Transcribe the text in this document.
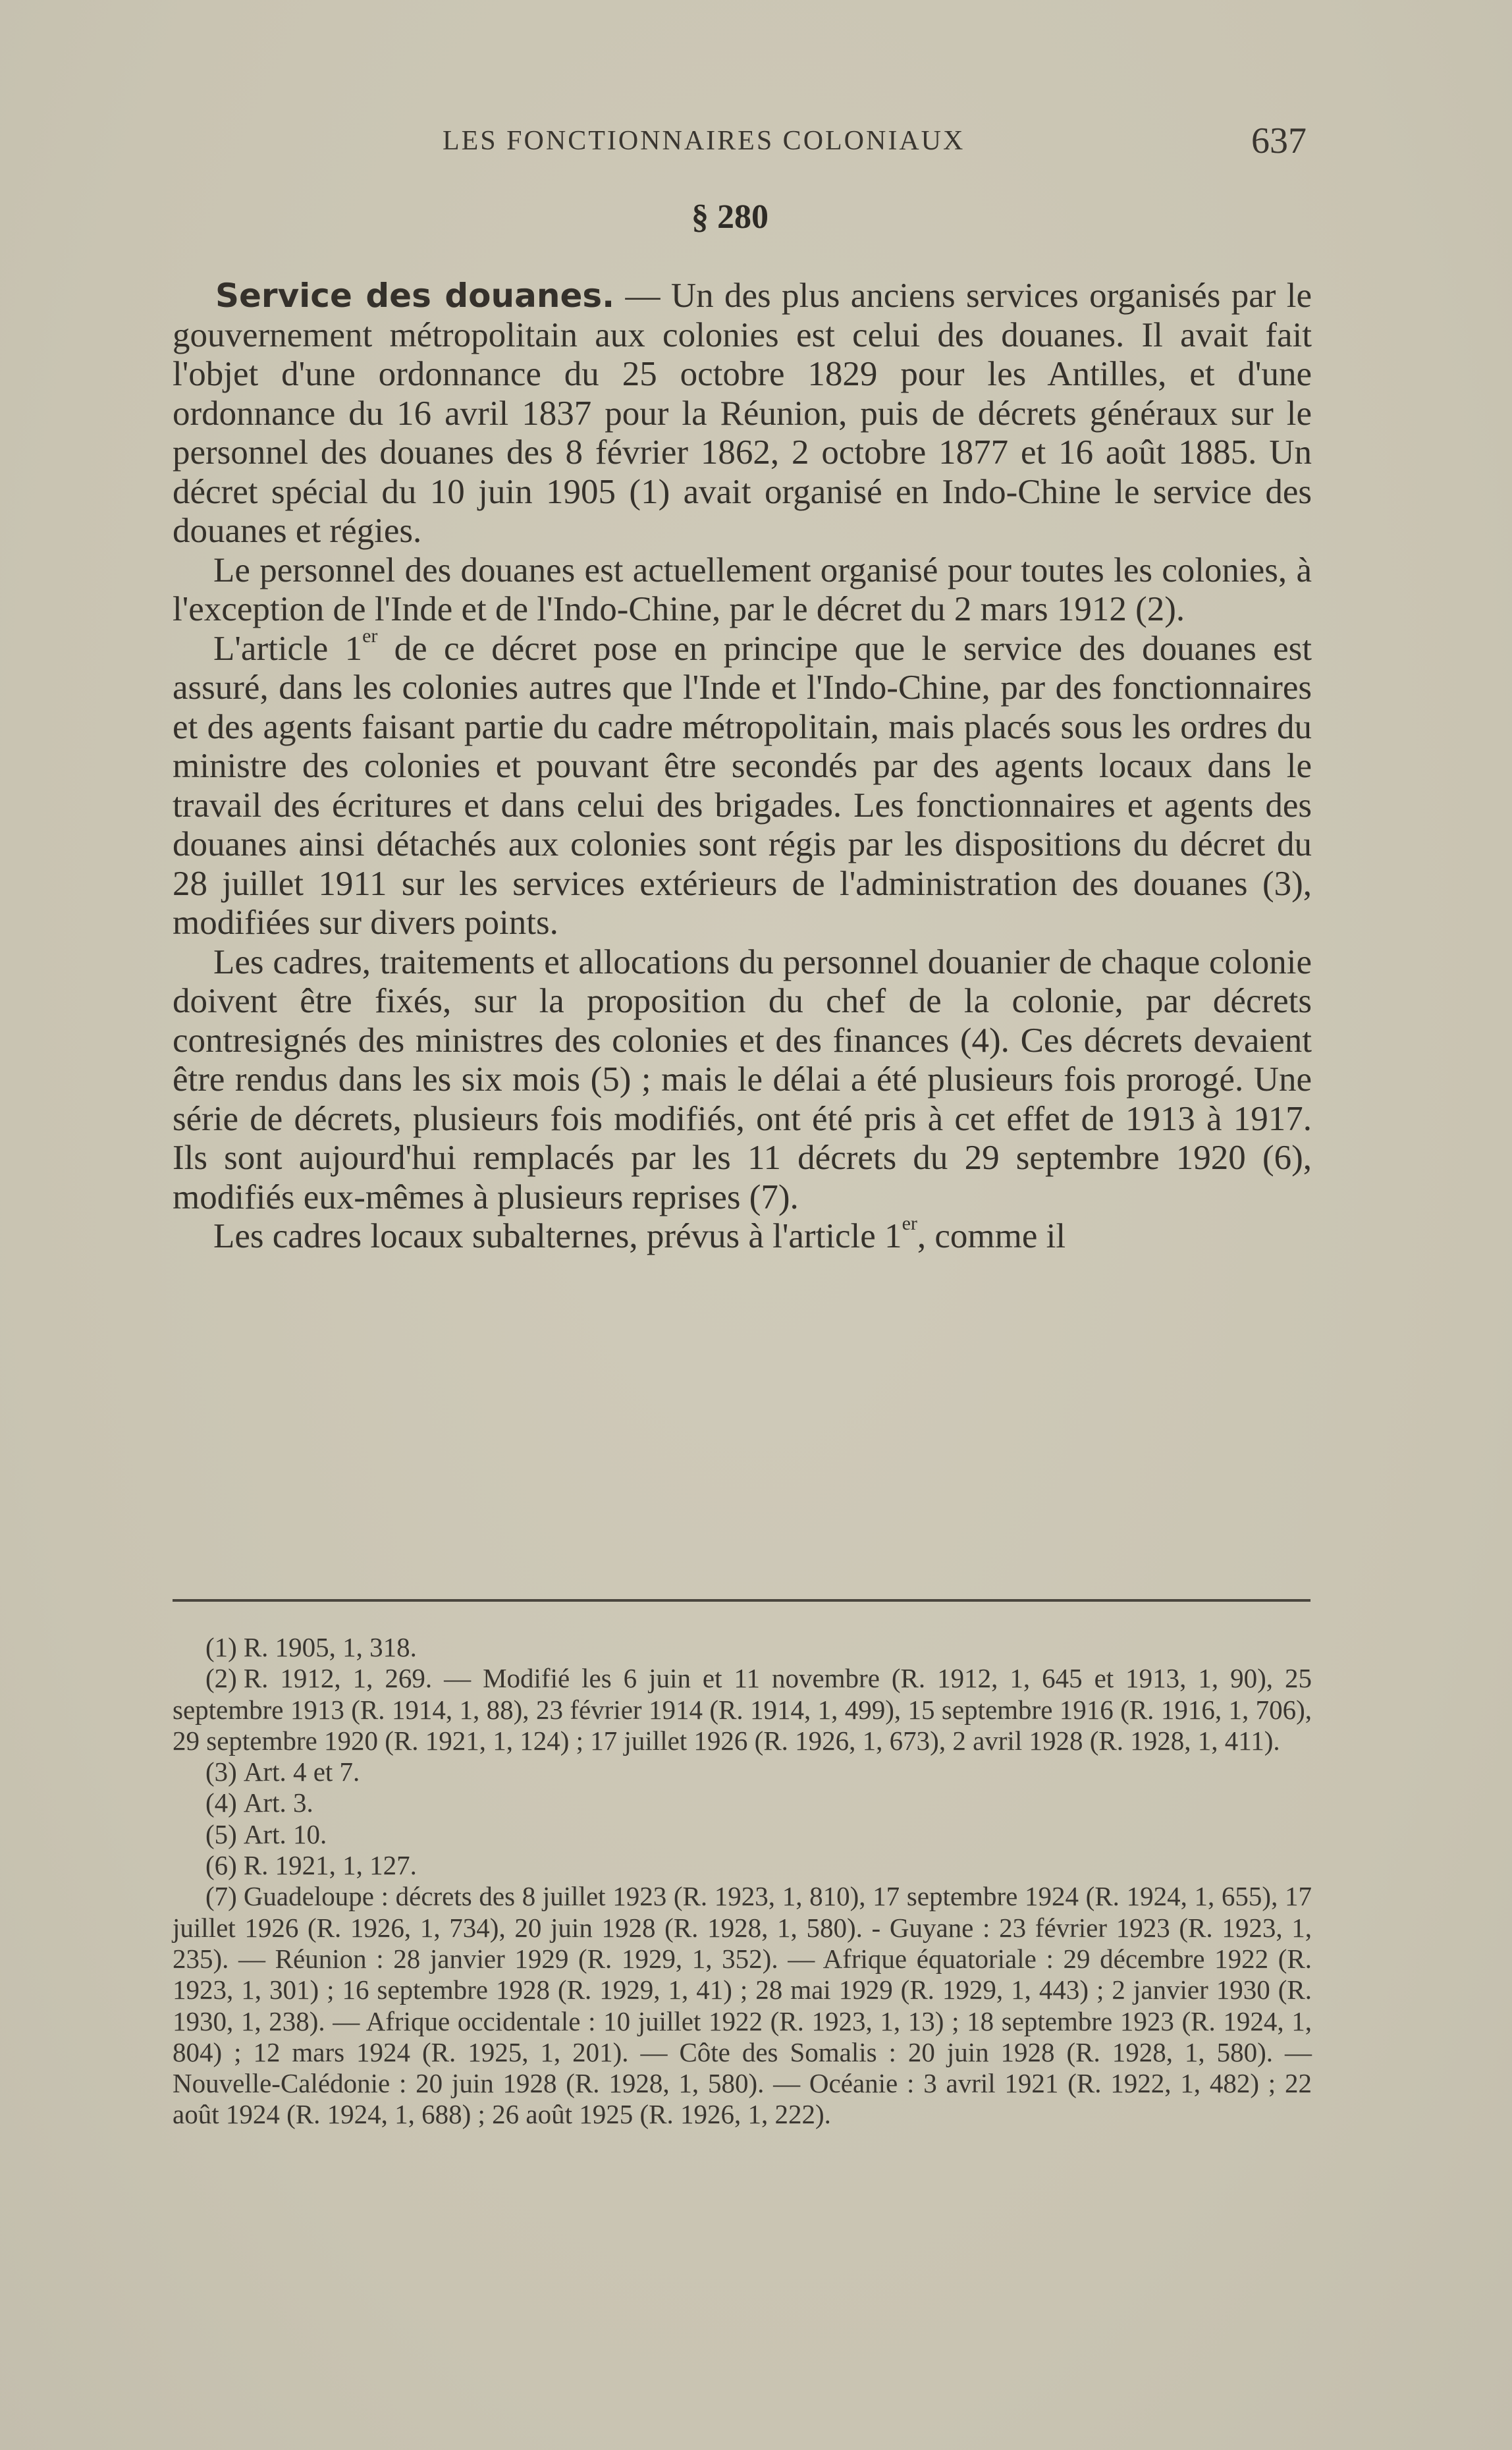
LES FONCTIONNAIRES COLONIAUX	637
§ 280

Service des douanes. — Un des plus anciens services organisés par le gouvernement métropolitain aux colonies est celui des douanes. Il avait fait l'objet d'une ordonnance du 25 octobre 1829 pour les Antilles, et d'une ordonnance du 16 avril 1837 pour la Réunion, puis de décrets généraux sur le personnel des douanes des 8 février 1862, 2 octobre 1877 et 16 août 1885. Un décret spécial du 10 juin 1905 (1) avait organisé en Indo-Chine le service des douanes et régies.

Le personnel des douanes est actuellement organisé pour toutes les colonies, à l'exception de l'Inde et de l'Indo-Chine, par le décret du 2 mars 1912 (2).

L'article 1er de ce décret pose en principe que le service des douanes est assuré, dans les colonies autres que l'Inde et l'Indo-Chine, par des fonctionnaires et des agents faisant partie du cadre métropolitain, mais placés sous les ordres du ministre des colonies et pouvant être secondés par des agents locaux dans le travail des écritures et dans celui des brigades. Les fonctionnaires et agents des douanes ainsi détachés aux colonies sont régis par les dispositions du décret du 28 juillet 1911 sur les services extérieurs de l'administration des douanes (3), modifiées sur divers points.

Les cadres, traitements et allocations du personnel douanier de chaque colonie doivent être fixés, sur la proposition du chef de la colonie, par décrets contresignés des ministres des colonies et des finances (4). Ces décrets devaient être rendus dans les six mois (5) ; mais le délai a été plusieurs fois prorogé. Une série de décrets, plusieurs fois modifiés, ont été pris à cet effet de 1913 à 1917. Ils sont aujourd'hui remplacés par les 11 décrets du 29 septembre 1920 (6), modifiés eux-mêmes à plusieurs reprises (7).

Les cadres locaux subalternes, prévus à l'article 1er, comme il

(1) R. 1905, 1, 318.

(2) R. 1912, 1, 269. — Modifié les 6 juin et 11 novembre (R. 1912, 1, 645 et 1913, 1, 90), 25 septembre 1913 (R. 1914, 1, 88), 23 février 1914 (R. 1914, 1, 499), 15 septembre 1916 (R. 1916, 1, 706), 29 septembre 1920 (R. 1921, 1, 124) ; 17 juillet 1926 (R. 1926, 1, 673), 2 avril 1928 (R. 1928, 1, 411).

(3) Art. 4 et 7.

(4) Art. 3.

(5) Art. 10.

(6) R. 1921, 1, 127.

(7) Guadeloupe : décrets des 8 juillet 1923 (R. 1923, 1, 810), 17 septembre 1924 (R. 1924, 1, 655), 17 juillet 1926 (R. 1926, 1, 734), 20 juin 1928 (R. 1928, 1, 580). - Guyane : 23 février 1923 (R. 1923, 1, 235). — Réunion : 28 janvier 1929 (R. 1929, 1, 352). — Afrique équatoriale : 29 décembre 1922 (R. 1923, 1, 301) ; 16 septembre 1928 (R. 1929, 1, 41) ; 28 mai 1929 (R. 1929, 1, 443) ; 2 janvier 1930 (R. 1930, 1, 238). — Afrique occidentale : 10 juillet 1922 (R. 1923, 1, 13) ; 18 septembre 1923 (R. 1924, 1, 804) ; 12 mars 1924 (R. 1925, 1, 201). — Côte des Somalis : 20 juin 1928 (R. 1928, 1, 580). — Nouvelle-Calédonie : 20 juin 1928 (R. 1928, 1, 580). — Océanie : 3 avril 1921 (R. 1922, 1, 482) ; 22 août 1924 (R. 1924, 1, 688) ; 26 août 1925 (R. 1926, 1, 222).
